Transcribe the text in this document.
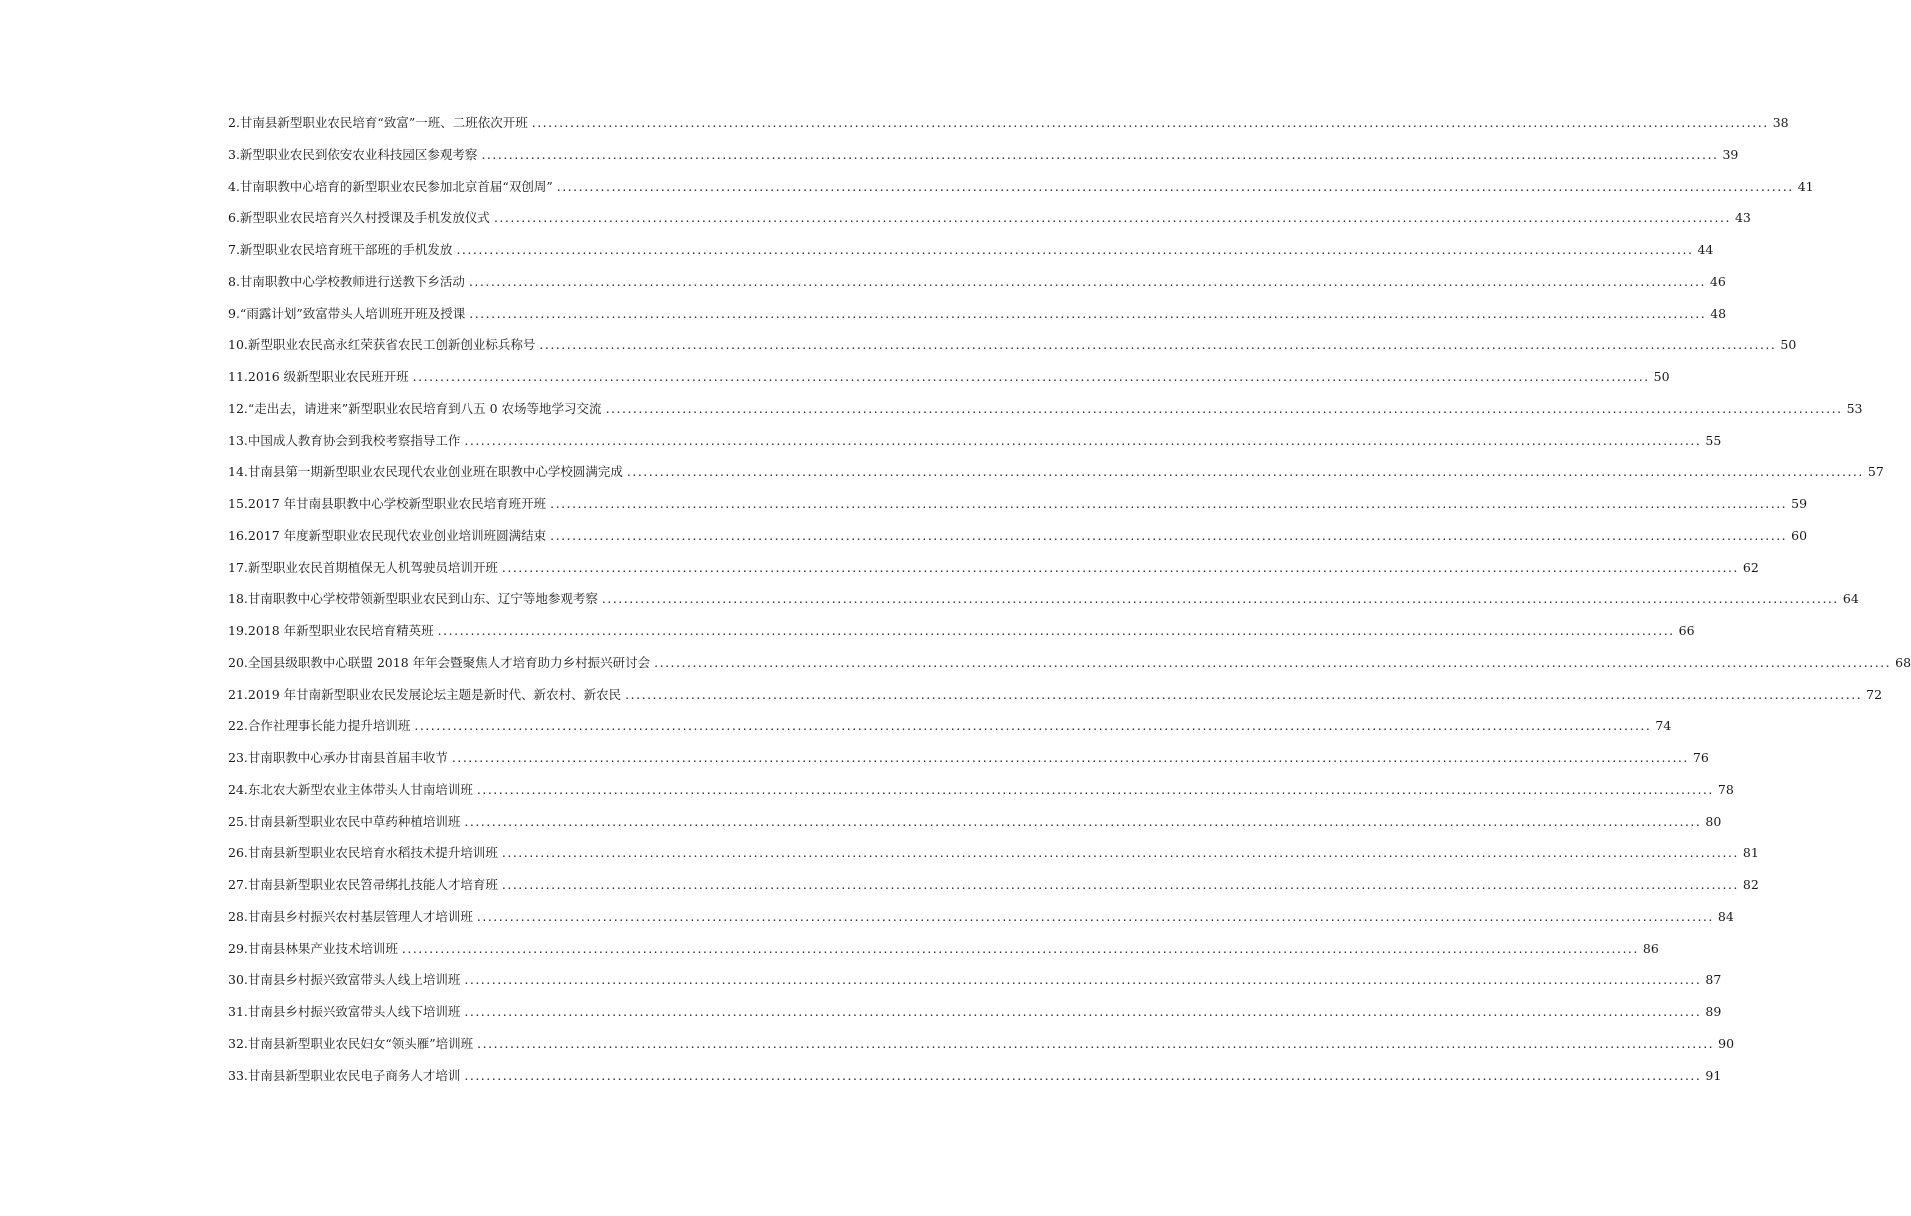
2.甘南县新型职业农民培育“致富”一班、二班依次开班 .....	38
3.新型职业农民到依安农业科技园区参观考察 .....	39
4.甘南职教中心培育的新型职业农民参加北京首届“双创周” .....	41
6.新型职业农民培育兴久村授课及手机发放仪式 .....	43
7.新型职业农民培育班干部班的手机发放 .....	44
8.甘南职教中心学校教师进行送教下乡活动 .....	46
9.“雨露计划”致富带头人培训班开班及授课 .....	48
10.新型职业农民高永红荣获省农民工创新创业标兵称号 .....	50
11.2016 级新型职业农民班开班 .....	50
12.“走出去，请进来”新型职业农民培育到八五 0 农场等地学习交流 .....	53
13.中国成人教育协会到我校考察指导工作 .....	55
14.甘南县第一期新型职业农民现代农业创业班在职教中心学校圆满完成 .....	57
15.2017 年甘南县职教中心学校新型职业农民培育班开班 .....	59
16.2017 年度新型职业农民现代农业创业培训班圆满结束 .....	60
17.新型职业农民首期植保无人机驾驶员培训开班 .....	62
18.甘南职教中心学校带领新型职业农民到山东、辽宁等地参观考察 .....	64
19.2018 年新型职业农民培育精英班 .....	66
20.全国县级职教中心联盟 2018 年年会暨聚焦人才培育助力乡村振兴研讨会 .....	68
21.2019 年甘南新型职业农民发展论坛主题是新时代、新农村、新农民 .....	72
22.合作社理事长能力提升培训班 .....	74
23.甘南职教中心承办甘南县首届丰收节 .....	76
24.东北农大新型农业主体带头人甘南培训班 .....	78
25.甘南县新型职业农民中草药种植培训班 .....	80
26.甘南县新型职业农民培育水稻技术提升培训班 .....	81
27.甘南县新型职业农民笤帚绑扎技能人才培育班 .....	82
28.甘南县乡村振兴农村基层管理人才培训班 .....	84
29.甘南县林果产业技术培训班 .....	86
30.甘南县乡村振兴致富带头人线上培训班 .....	87
31.甘南县乡村振兴致富带头人线下培训班 .....	89
32.甘南县新型职业农民妇女“领头雁”培训班 .....	90
33.甘南县新型职业农民电子商务人才培训 .....	91
